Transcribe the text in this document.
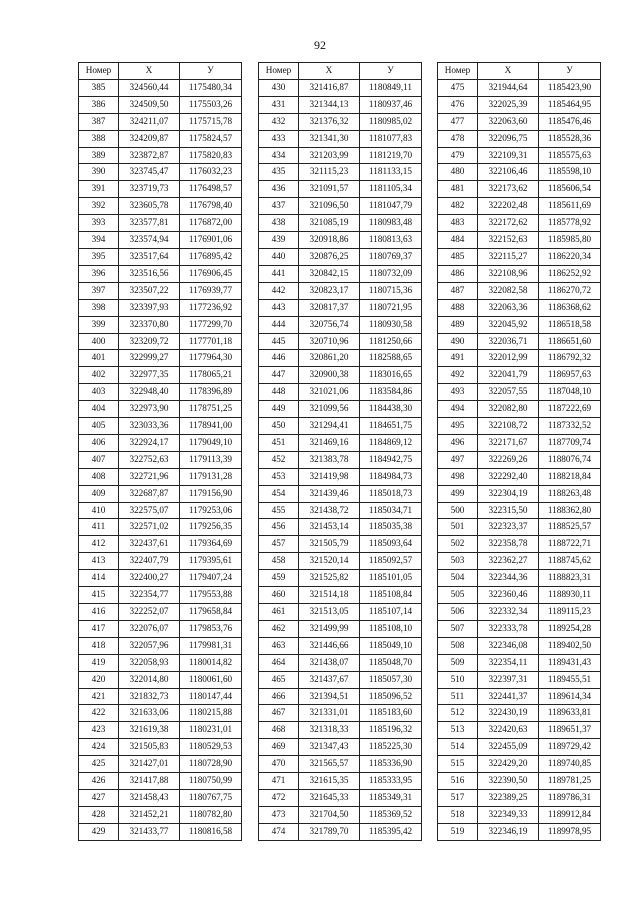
92
Номер	X	У
385	324560,44	1175480,34
386	324509,50	1175503,26
387	324211,07	1175715,78
388	324209,87	1175824,57
389	323872,87	1175820,83
390	323745,47	1176032,23
391	323719,73	1176498,57
392	323605,78	1176798,40
393	323577,81	1176872,00
394	323574,94	1176901,06
395	323517,64	1176895,42
396	323516,56	1176906,45
397	323507,22	1176939,77
398	323397,93	1177236,92
399	323370,80	1177299,70
400	323209,72	1177701,18
401	322999,27	1177964,30
402	322977,35	1178065,21
403	322948,40	1178396,89
404	322973,90	1178751,25
405	323033,36	1178941,00
406	322924,17	1179049,10
407	322752,63	1179113,39
408	322721,96	1179131,28
409	322687,87	1179156,90
410	322575,07	1179253,06
411	322571,02	1179256,35
412	322437,61	1179364,69
413	322407,79	1179395,61
414	322400,27	1179407,24
415	322354,77	1179553,88
416	322252,07	1179658,84
417	322076,07	1179853,76
418	322057,96	1179981,31
419	322058,93	1180014,82
420	322014,80	1180061,60
421	321832,73	1180147,44
422	321633,06	1180215,88
423	321619,38	1180231,01
424	321505,83	1180529,53
425	321427,01	1180728,90
426	321417,88	1180750,99
427	321458,43	1180767,75
428	321452,21	1180782,80
429	321433,77	1180816,58
Номер	X	У
430	321416,87	1180849,11
431	321344,13	1180937,46
432	321376,32	1180985,02
433	321341,30	1181077,83
434	321203,99	1181219,70
435	321115,23	1181133,15
436	321091,57	1181105,34
437	321096,50	1181047,79
438	321085,19	1180983,48
439	320918,86	1180813,63
440	320876,25	1180769,37
441	320842,15	1180732,09
442	320823,17	1180715,36
443	320817,37	1180721,95
444	320756,74	1180930,58
445	320710,96	1181250,66
446	320861,20	1182588,65
447	320900,38	1183016,65
448	321021,06	1183584,86
449	321099,56	1184438,30
450	321294,41	1184651,75
451	321469,16	1184869,12
452	321383,78	1184942,75
453	321419,98	1184984,73
454	321439,46	1185018,73
455	321438,72	1185034,71
456	321453,14	1185035,38
457	321505,79	1185093,64
458	321520,14	1185092,57
459	321525,82	1185101,05
460	321514,18	1185108,84
461	321513,05	1185107,14
462	321499,99	1185108,10
463	321446,66	1185049,10
464	321438,07	1185048,70
465	321437,67	1185057,30
466	321394,51	1185096,52
467	321331,01	1185183,60
468	321318,33	1185196,32
469	321347,43	1185225,30
470	321565,57	1185336,90
471	321615,35	1185333,95
472	321645,33	1185349,31
473	321704,50	1185369,52
474	321789,70	1185395,42
Номер	X	У
475	321944,64	1185423,90
476	322025,39	1185464,95
477	322063,60	1185476,46
478	322096,75	1185528,36
479	322109,31	1185575,63
480	322106,46	1185598,10
481	322173,62	1185606,54
482	322202,48	1185611,69
483	322172,62	1185778,92
484	322152,63	1185985,80
485	322115,27	1186220,34
486	322108,96	1186252,92
487	322082,58	1186270,72
488	322063,36	1186368,62
489	322045,92	1186518,58
490	322036,71	1186651,60
491	322012,99	1186792,32
492	322041,79	1186957,63
493	322057,55	1187048,10
494	322082,80	1187222,69
495	322108,72	1187332,52
496	322171,67	1187709,74
497	322269,26	1188076,74
498	322292,40	1188218,84
499	322304,19	1188263,48
500	322315,50	1188362,80
501	322323,37	1188525,57
502	322358,78	1188722,71
503	322362,27	1188745,62
504	322344,36	1188823,31
505	322360,46	1188930,11
506	322332,34	1189115,23
507	322333,78	1189254,28
508	322346,08	1189402,50
509	322354,11	1189431,43
510	322397,31	1189455,51
511	322441,37	1189614,34
512	322430,19	1189633,81
513	322420,63	1189651,37
514	322455,09	1189729,42
515	322429,20	1189740,85
516	322390,50	1189781,25
517	322389,25	1189786,31
518	322349,33	1189912,84
519	322346,19	1189978,95
